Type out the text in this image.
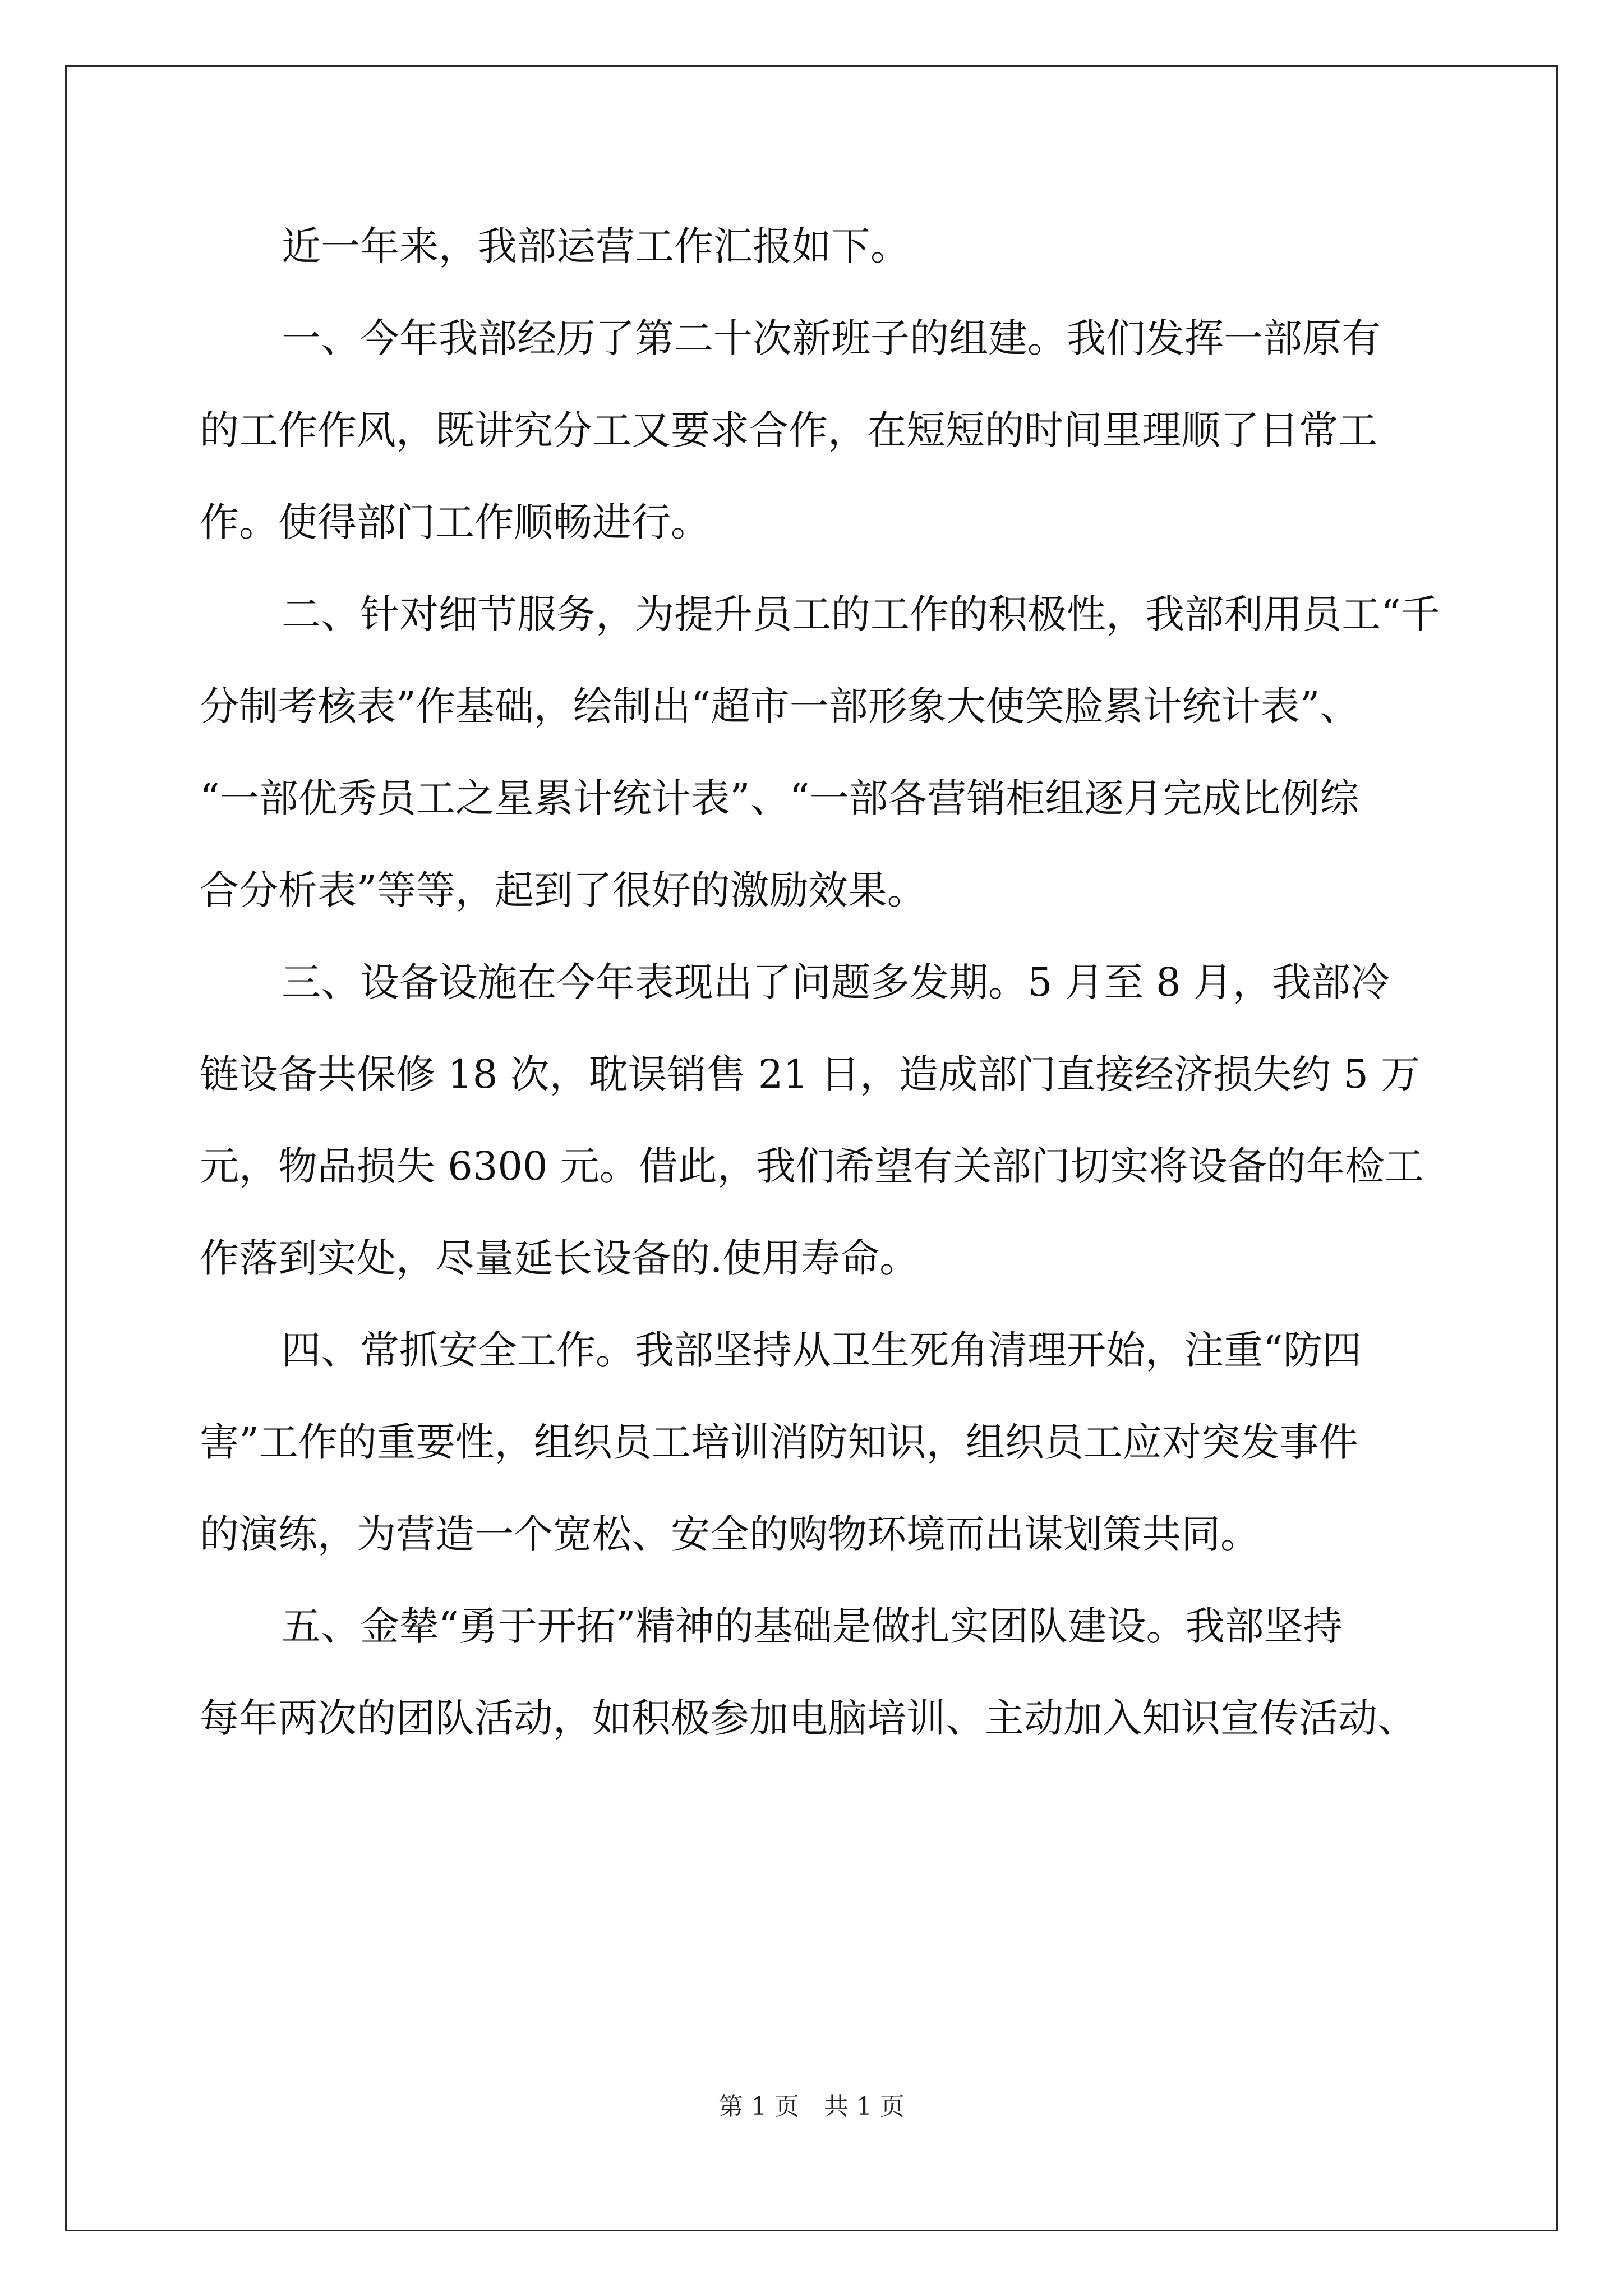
近一年来，我部运营工作汇报如下。
一、今年我部经历了第二十次新班子的组建。我们发挥一部原有
的工作作风，既讲究分工又要求合作，在短短的时间里理顺了日常工
作。使得部门工作顺畅进行。
二、针对细节服务，为提升员工的工作的积极性，我部利用员工“千
分制考核表”作基础，绘制出“超市一部形象大使笑脸累计统计表”、
“一部优秀员工之星累计统计表”、“一部各营销柜组逐月完成比例综
合分析表”等等，起到了很好的激励效果。
三、设备设施在今年表现出了问题多发期。5 月至 8 月，我部冷
链设备共保修 18 次，耽误销售 21 日，造成部门直接经济损失约 5 万
元，物品损失 6300 元。借此，我们希望有关部门切实将设备的年检工
作落到实处，尽量延长设备的.使用寿命。
四、常抓安全工作。我部坚持从卫生死角清理开始，注重“防四
害”工作的重要性，组织员工培训消防知识，组织员工应对突发事件
的演练，为营造一个宽松、安全的购物环境而出谋划策共同。
五、金辇“勇于开拓”精神的基础是做扎实团队建设。我部坚持
每年两次的团队活动，如积极参加电脑培训、主动加入知识宣传活动、
第 1 页　共 1 页
